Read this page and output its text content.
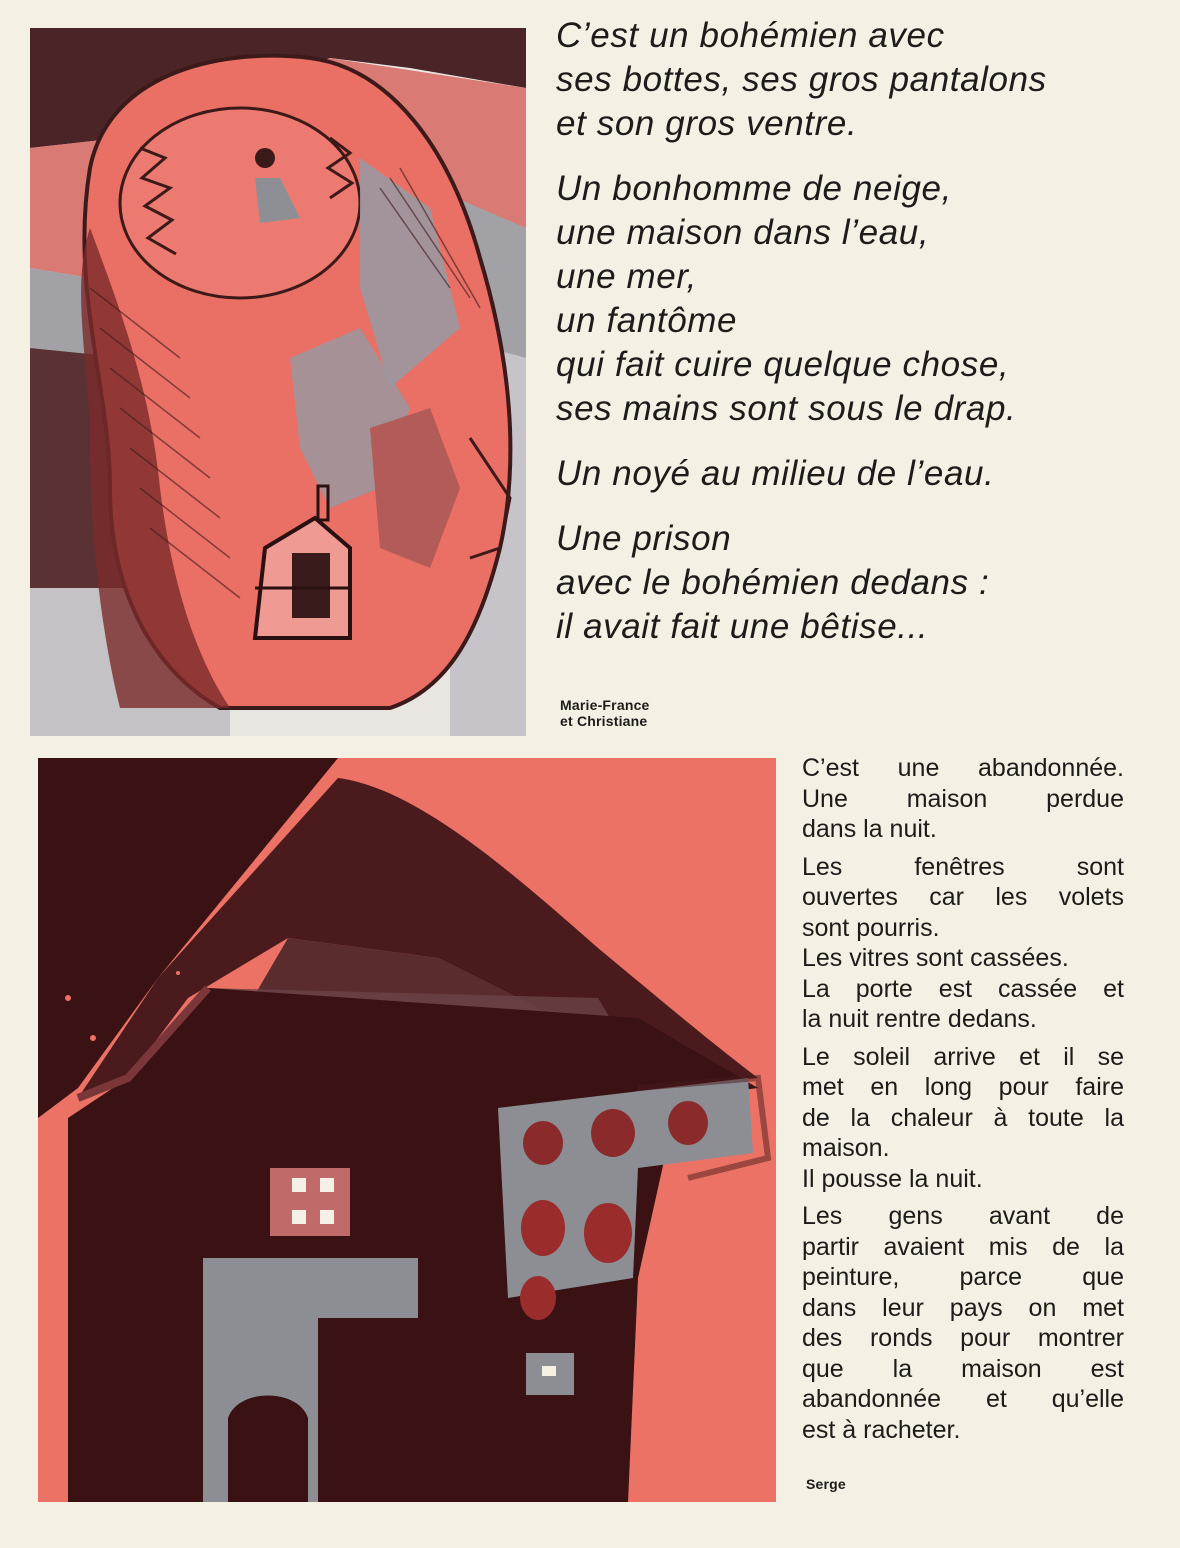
C’est un bohémien avec
ses bottes, ses gros pantalons
et son gros ventre.
Un bonhomme de neige,
une maison dans l’eau,
une mer,
un fantôme
qui fait cuire quelque chose,
ses mains sont sous le drap.
Un noyé au milieu de l’eau.
Une prison
avec le bohémien dedans :
il avait fait une bêtise...
Marie-France
et Christiane
C’est une abandonnée.
Une maison perdue
dans la nuit.
Les fenêtres sont
ouvertes car les volets
sont pourris.
Les vitres sont cassées.
La porte est cassée et
la nuit rentre dedans.
Le soleil arrive et il se
met en long pour faire
de la chaleur à toute la
maison.
Il pousse la nuit.
Les gens avant de
partir avaient mis de la
peinture, parce que
dans leur pays on met
des ronds pour montrer
que la maison est
abandonnée et qu’elle
est à racheter.
Serge
